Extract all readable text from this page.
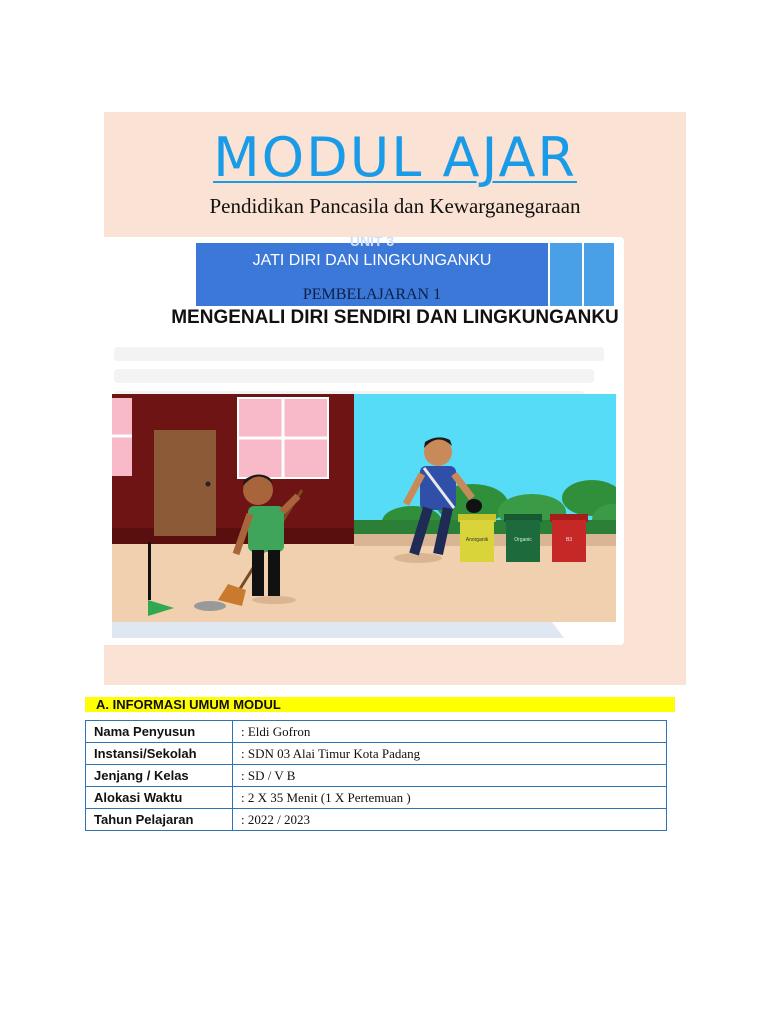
MODUL AJAR
Pendidikan Pancasila dan Kewarganegaraan
UNIT 3
JATI DIRI DAN LINGKUNGANKU
PEMBELAJARAN 1
MENGENALI DIRI SENDIRI DAN LINGKUNGANKU
Anorganik	Organic	B3
A. INFORMASI UMUM MODUL
Nama Penyusun	: Eldi Gofron
Instansi/Sekolah	: SDN 03 Alai Timur Kota Padang
Jenjang / Kelas	: SD / V B
Alokasi Waktu	: 2 X 35 Menit (1 X Pertemuan )
Tahun Pelajaran	: 2022 / 2023
